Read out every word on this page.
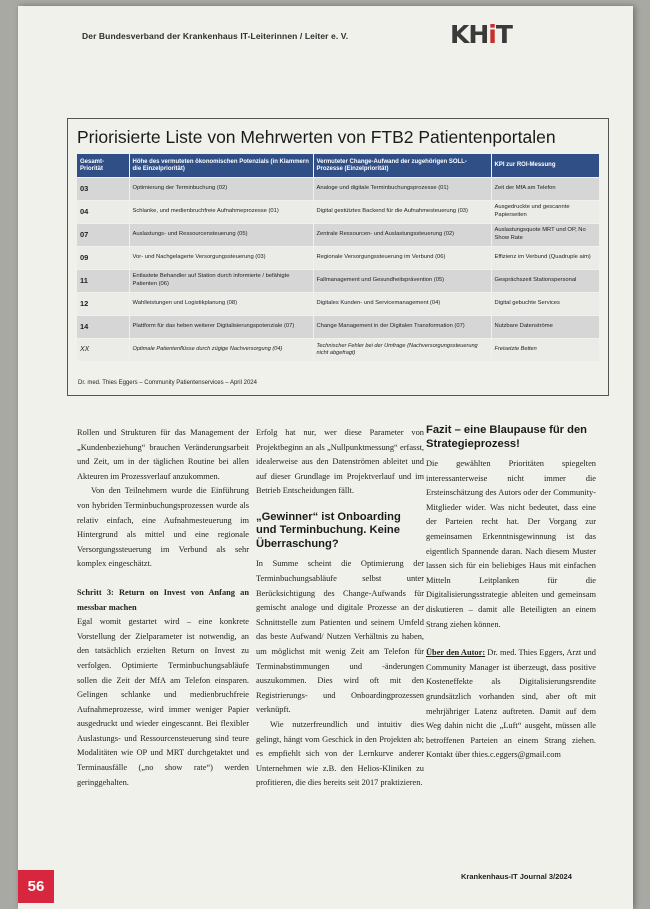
Der Bundesverband der Krankenhaus IT-Leiterinnen / Leiter e. V.	KHiT
Priorisierte Liste von Mehrwerten von FTB2 Patientenportalen
Gesamt-Priorität	Höhe des vermuteten ökonomischen Potenzials (in Klammern die Einzelpriorität)	Vermuteter Change-Aufwand der zugehörigen SOLL-Prozesse (Einzelpriorität)	KPI zur ROI-Messung
03	Optimierung der Terminbuchung (02)	Analoge und digitale Terminbuchungsprozesse (01)	Zeit der MfA am Telefon
04	Schlanke, und medienbruchfreie Aufnahmeprozesse (01)	Digital gestütztes Backend für die Aufnahmesteuerung (03)	Ausgedruckte und gescannte Papierseiten
07	Auslastungs- und Ressourcensteuerung (05)	Zentrale Ressourcen- und Auslastungssteuerung (02)	Auslastungsquote MRT und OP, No Show Rate
09	Vor- und Nachgelagerte Versorgungssteuerung (03)	Regionale Versorgungssteuerung im Verbund (06)	Effizienz im Verbund (Quadruple aim)
11	Entlastete Behandler auf Station durch informierte / befähigte Patienten (06)	Fallmanagement und Gesundheitsprävention (05)	Gesprächszeit Stationspersonal
12	Wahlleistungen und Logistikplanung (08)	Digitales Kunden- und Servicemanagement (04)	Digital gebuchte Services
14	Plattform für das heben weiterer Digitalisierungspotenziale (07)	Change Management in der Digitalen Transformation (07)	Nutzbare Datenströme
XX	Optimale Patientenflüsse durch zügige Nachversorgung (04)	Technischer Fehler bei der Umfrage (Nachversorgungssteuerung nicht abgefragt)	Freisetzte Betten
Dr. med. Thies Eggers – Community Patientenservices – April 2024

Rollen und Strukturen für das Management der „Kundenbeziehung“ brauchen Veränderungsarbeit und Zeit, um in der täglichen Routine bei allen Akteuren im Prozessverlauf anzukommen.

Von den Teilnehmern wurde die Einführung von hybriden Terminbuchungsprozessen wurde als relativ einfach, eine Aufnahmesteuerung im Hintergrund als mittel und eine regionale Versorgungssteuerung im Verbund als sehr komplex eingeschätzt.

Schritt 3: Return on Invest von Anfang an messbar machen

Egal womit gestartet wird – eine konkrete Vorstellung der Zielparameter ist notwendig, an den tatsächlich erzielten Return on Invest zu verfolgen. Optimierte Terminbuchungsabläufe sollen die Zeit der MfA am Telefon einsparen. Gelingen schlanke und medienbruchfreie Aufnahmeprozesse, wird immer weniger Papier ausgedruckt und wieder eingescannt. Bei flexibler Auslastungs- und Ressourcensteuerung sind teure Modalitäten wie OP und MRT durchgetaktet und Terminausfälle („no show rate“) werden geringgehalten.

Erfolg hat nur, wer diese Parameter von Projektbeginn an als „Nullpunktmessung“ erfasst, idealerweise aus den Datenströmen ableitet und auf dieser Grundlage im Projektverlauf und im Betrieb Entscheidungen fällt.

„Gewinner“ ist Onboarding und Terminbuchung. Keine Überraschung?

In Summe scheint die Optimierung der Terminbuchungsabläufe selbst unter Berücksichtigung des Change-Aufwands für gemischt analoge und digitale Prozesse an der Schnittstelle zum Patienten und seinem Umfeld das beste Aufwand/ Nutzen Verhältnis zu haben, um möglichst mit wenig Zeit am Telefon für Terminabstimmungen und -änderungen auszukommen. Dies wird oft mit den Registrierungs- und Onboardingprozessen verknüpft.

Wie nutzerfreundlich und intuitiv dies gelingt, hängt vom Geschick in den Projekten ab; es empfiehlt sich von der Lernkurve anderer Unternehmen wie z.B. den Helios-Kliniken zu profitieren, die dies bereits seit 2017 praktizieren.

Fazit – eine Blaupause für den Strategieprozess!

Die gewählten Prioritäten spiegelten interessanterweise nicht immer die Ersteinschätzung des Autors oder der Community-Mitglieder wider. Was nicht bedeutet, dass eine der Parteien recht hat. Der Vorgang zur gemeinsamen Erkenntnisgewinnung ist das eigentlich Spannende daran. Nach diesem Muster lassen sich für ein beliebiges Haus mit einfachen Mitteln Leitplanken für die Digitalisierungsstrategie ableiten und gemeinsam diskutieren – damit alle Beteiligten an einem Strang ziehen können.

Über den Autor: Dr. med. Thies Eggers, Arzt und Community Manager ist überzeugt, dass positive Kosteneffekte als Digitalisierungsrendite grundsätzlich vorhanden sind, aber oft mit mehrjähriger Latenz auftreten. Damit auf dem Weg dahin nicht die „Luft“ ausgeht, müssen alle betroffenen Parteien an einem Strang ziehen. Kontakt über thies.c.eggers@gmail.com

Krankenhaus-IT Journal 3/2024
56
